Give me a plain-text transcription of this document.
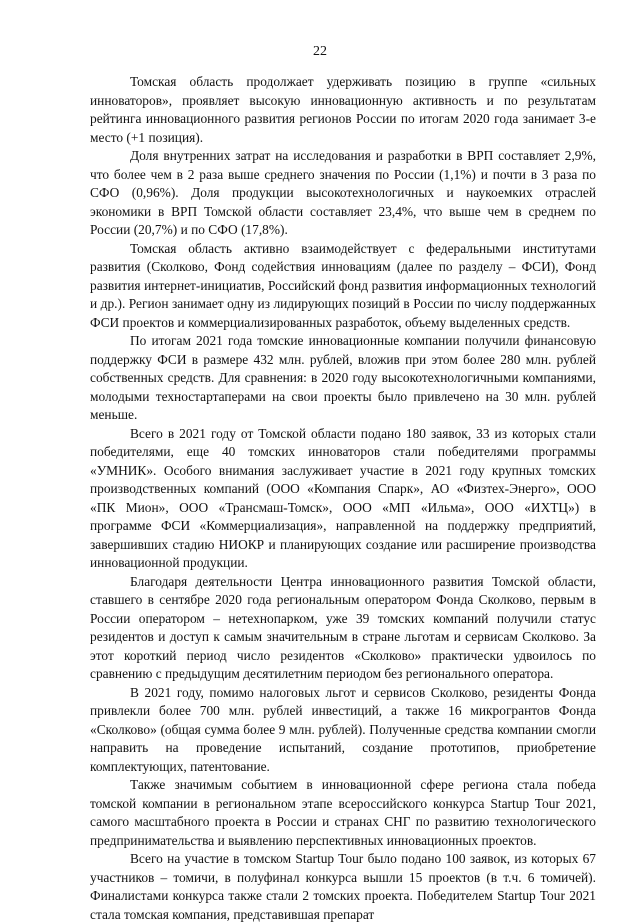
22

Томская область продолжает удерживать позицию в группе «сильных инноваторов», проявляет высокую инновационную активность и по результатам рейтинга инновационного развития регионов России по итогам 2020 года занимает 3-е место (+1 позиция).

Доля внутренних затрат на исследования и разработки в ВРП составляет 2,9%, что более чем в 2 раза выше среднего значения по России (1,1%) и почти в 3 раза по СФО (0,96%). Доля продукции высокотехнологичных и наукоемких отраслей экономики в ВРП Томской области составляет 23,4%, что выше чем в среднем по России (20,7%) и по СФО (17,8%).

Томская область активно взаимодействует с федеральными институтами развития (Сколково, Фонд содействия инновациям (далее по разделу – ФСИ), Фонд развития интернет-инициатив, Российский фонд развития информационных технологий и др.). Регион занимает одну из лидирующих позиций в России по числу поддержанных ФСИ проектов и коммерциализированных разработок, объему выделенных средств.

По итогам 2021 года томские инновационные компании получили финансовую поддержку ФСИ в размере 432 млн. рублей, вложив при этом более 280 млн. рублей собственных средств. Для сравнения: в 2020 году высокотехнологичными компаниями, молодыми техностартаперами на свои проекты было привлечено на 30 млн. рублей меньше.

Всего в 2021 году от Томской области подано 180 заявок, 33 из которых стали победителями, еще 40 томских инноваторов стали победителями программы «УМНИК». Особого внимания заслуживает участие в 2021 году крупных томских производственных компаний (ООО «Компания Спарк», АО «Физтех-Энерго», ООО «ПК Мион», ООО «Трансмаш-Томск», ООО «МП «Ильма», ООО «ИХТЦ») в программе ФСИ «Коммерциализация», направленной на поддержку предприятий, завершивших стадию НИОКР и планирующих создание или расширение производства инновационной продукции.

Благодаря деятельности Центра инновационного развития Томской области, ставшего в сентябре 2020 года региональным оператором Фонда Сколково, первым в России оператором – нетехнопарком, уже 39 томских компаний получили статус резидентов и доступ к самым значительным в стране льготам и сервисам Сколково. За этот короткий период число резидентов «Сколково» практически удвоилось по сравнению с предыдущим десятилетним периодом без регионального оператора.

В 2021 году, помимо налоговых льгот и сервисов Сколково, резиденты Фонда привлекли более 700 млн. рублей инвестиций, а также 16 микрогрантов Фонда «Сколково» (общая сумма более 9 млн. рублей). Полученные средства компании смогли направить на проведение испытаний, создание прототипов, приобретение комплектующих, патентование.

Также значимым событием в инновационной сфере региона стала победа томской компании в региональном этапе всероссийского конкурса Startup Tour 2021, самого масштабного проекта в России и странах СНГ по развитию технологического предпринимательства и выявлению перспективных инновационных проектов.

Всего на участие в томском Startup Tour было подано 100 заявок, из которых 67 участников – томичи, в полуфинал конкурса вышли 15 проектов (в т.ч. 6 томичей). Финалистами конкурса также стали 2 томских проекта. Победителем Startup Tour 2021 стала томская компания, представившая препарат
